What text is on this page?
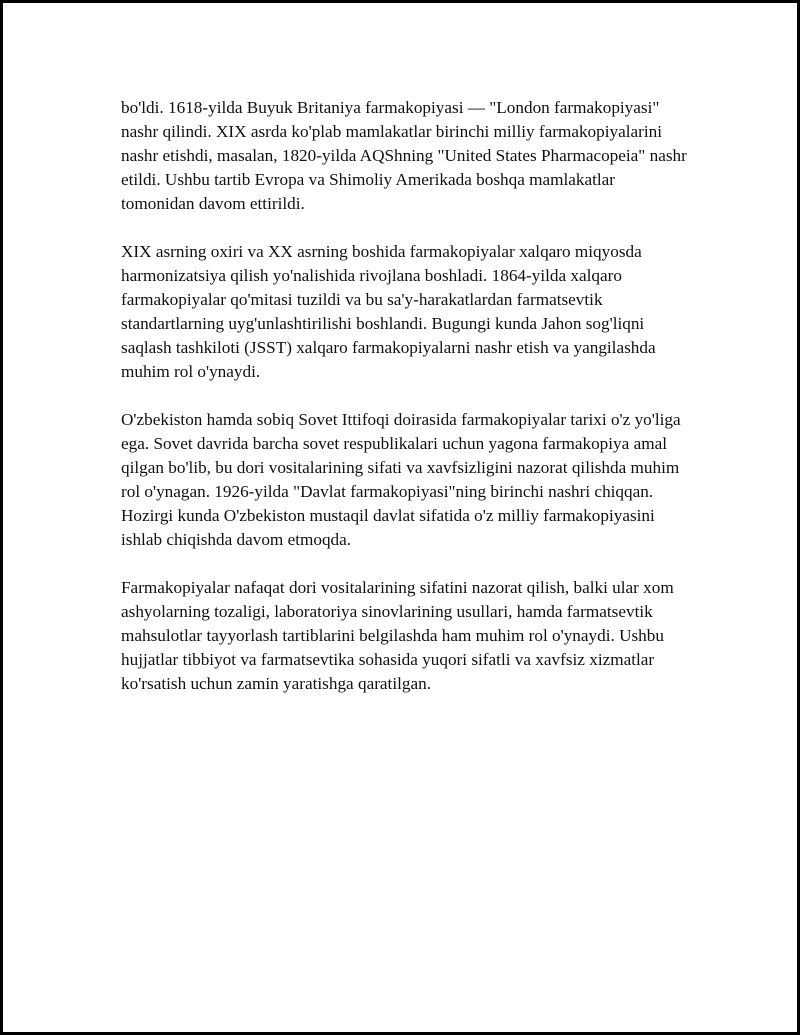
bo'ldi. 1618-yilda Buyuk Britaniya farmakopiyasi — "London farmakopiyasi" nashr qilindi. XIX asrda ko'plab mamlakatlar birinchi milliy farmakopiyalarini nashr etishdi, masalan, 1820-yilda AQShning "United States Pharmacopeia" nashr etildi. Ushbu tartib Evropa va Shimoliy Amerikada boshqa mamlakatlar tomonidan davom ettirildi.

XIX asrning oxiri va XX asrning boshida farmakopiyalar xalqaro miqyosda harmonizatsiya qilish yo'nalishida rivojlana boshladi. 1864-yilda xalqaro farmakopiyalar qo'mitasi tuzildi va bu sa'y-harakatlardan farmatsevtik standartlarning uyg'unlashtirilishi boshlandi. Bugungi kunda Jahon sog'liqni saqlash tashkiloti (JSST) xalqaro farmakopiyalarni nashr etish va yangilashda muhim rol o'ynaydi.

O'zbekiston hamda sobiq Sovet Ittifoqi doirasida farmakopiyalar tarixi o'z yo'liga ega. Sovet davrida barcha sovet respublikalari uchun yagona farmakopiya amal qilgan bo'lib, bu dori vositalarining sifati va xavfsizligini nazorat qilishda muhim rol o'ynagan. 1926-yilda "Davlat farmakopiyasi"ning birinchi nashri chiqqan. Hozirgi kunda O'zbekiston mustaqil davlat sifatida o'z milliy farmakopiyasini ishlab chiqishda davom etmoqda.

Farmakopiyalar nafaqat dori vositalarining sifatini nazorat qilish, balki ular xom ashyolarning tozaligi, laboratoriya sinovlarining usullari, hamda farmatsevtik mahsulotlar tayyorlash tartiblarini belgilashda ham muhim rol o'ynaydi. Ushbu hujjatlar tibbiyot va farmatsevtika sohasida yuqori sifatli va xavfsiz xizmatlar ko'rsatish uchun zamin yaratishga qaratilgan.
